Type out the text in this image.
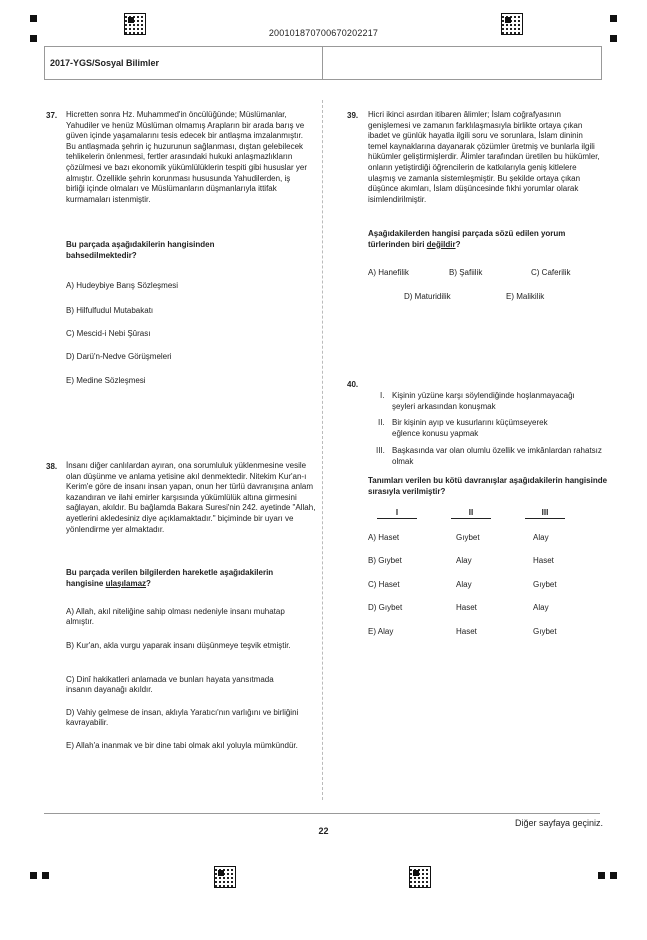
200101870700670202217
2017-YGS/Sosyal Bilimler
37. Hicretten sonra Hz. Muhammed'in öncülüğünde; Müslümanlar, Yahudiler ve henüz Müslüman olmamış Arapların bir arada barış ve güven içinde yaşamalarını tesis edecek bir antlaşma imzalanmıştır. Bu antlaşmada şehrin iç huzurunun sağlanması, dıştan gelebilecek tehlikelerin önlenmesi, fertler arasındaki hukuki anlaşmazlıkların çözülmesi ve bazı ekonomik yükümlülüklerin tespiti gibi hususlar yer almıştır. Özellikle şehrin korunması hususunda Yahudilerden, iş birliği içinde olmaları ve Müslümanların düşmanlarıyla ittifak kurmamaları istenmiştir.
Bu parçada aşağıdakilerin hangisinden bahsedilmektedir?
A) Hudeybiye Barış Sözleşmesi
B) Hilfulfudul Mutabakatı
C) Mescid-i Nebi Şûrası
D) Darü'n-Nedve Görüşmeleri
E) Medine Sözleşmesi
38. İnsanı diğer canlılardan ayıran, ona sorumluluk yüklenmesine vesile olan düşünme ve anlama yetisine akıl denmektedir. Nitekim Kur'an-ı Kerim'e göre de insanı insan yapan, onun her türlü davranışına anlam kazandıran ve ilahi emirler karşısında yükümlülük altına girmesini sağlayan, akıldır. Bu bağlamda Bakara Suresi'nin 242. ayetinde "Allah, ayetlerini akledesiniz diye açıklamaktadır." biçiminde bir uyarı ve yönlendirme yer almaktadır.
Bu parçada verilen bilgilerden hareketle aşağıdakilerin hangisine ulaşılamaz?
A) Allah, akıl niteliğine sahip olması nedeniyle insanı muhatap almıştır.
B) Kur'an, akla vurgu yaparak insanı düşünmeye teşvik etmiştir.
C) Dinî hakikatleri anlamada ve bunları hayata yansıtmada insanın dayanağı akıldır.
D) Vahiy gelmese de insan, aklıyla Yaratıcı'nın varlığını ve birliğini kavrayabilir.
E) Allah'a inanmak ve bir dine tabi olmak akıl yoluyla mümkündür.
39. Hicri ikinci asırdan itibaren âlimler; İslam coğrafyasının genişlemesi ve zamanın farklılaşmasıyla birlikte ortaya çıkan ibadet ve günlük hayatla ilgili soru ve sorunlara, İslam dininin temel kaynaklarına dayanarak çözümler üretmiş ve bunlarla ilgili hükümler geliştirmişlerdir. Âlimler tarafından üretilen bu hükümler, onların yetiştirdiği öğrencilerin de katkılarıyla geniş kitlelere ulaşmış ve zamanla sistemleşmiştir. Bu şekilde ortaya çıkan düşünce akımları, İslam düşüncesinde fıkhi yorumlar olarak isimlendirilmiştir.
Aşağıdakilerden hangisi parçada sözü edilen yorum türlerinden biri değildir?
A) Hanefilik	B) Şafiilik	C) Caferilik
D) Maturidilik	E) Malikilik
40.
I. Kişinin yüzüne karşı söylendiğinde hoşlanmayacağı şeyleri arkasından konuşmak
II. Bir kişinin ayıp ve kusurlarını küçümseyerek eğlence konusu yapmak
III. Başkasında var olan olumlu özellik ve imkânlardan rahatsız olmak
Tanımları verilen bu kötü davranışlar aşağıdakilerin hangisinde sırasıyla verilmiştir?
I	II	III
A) Haset	Gıybet	Alay
B) Gıybet	Alay	Haset
C) Haset	Alay	Gıybet
D) Gıybet	Haset	Alay
E) Alay	Haset	Gıybet
Diğer sayfaya geçiniz.
22
